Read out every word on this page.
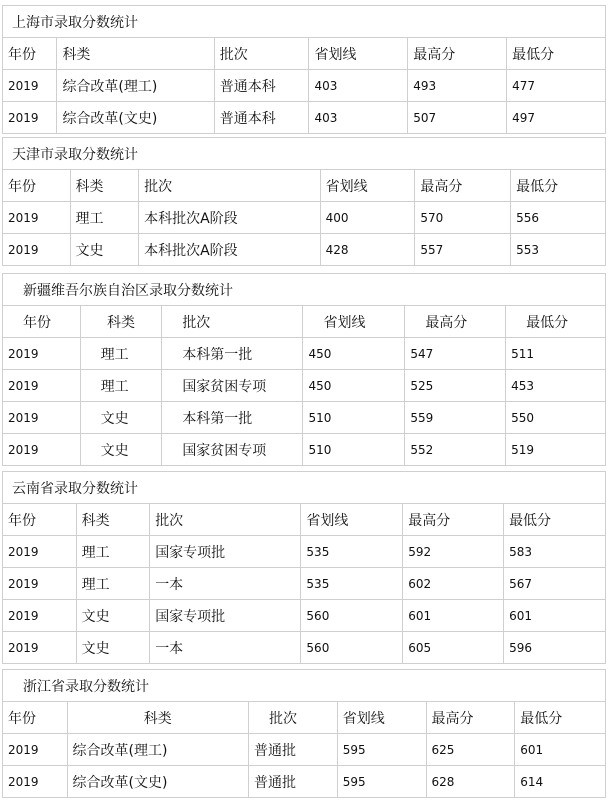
上海市录取分数统计					
年份	科类	批次	省划线	最高分	最低分
2019	综合改革(理工)	普通本科	403	493	477
2019	综合改革(文史)	普通本科	403	507	497
天津市录取分数统计					
年份	科类	批次	省划线	最高分	最低分
2019	理工	本科批次A阶段	400	570	556
2019	文史	本科批次A阶段	428	557	553
新疆维吾尔族自治区录取分数统计					
年份	科类	批次	省划线	最高分	最低分
2019	理工	本科第一批	450	547	511
2019	理工	国家贫困专项	450	525	453
2019	文史	本科第一批	510	559	550
2019	文史	国家贫困专项	510	552	519
云南省录取分数统计					
年份	科类	批次	省划线	最高分	最低分
2019	理工	国家专项批	535	592	583
2019	理工	一本	535	602	567
2019	文史	国家专项批	560	601	601
2019	文史	一本	560	605	596
浙江省录取分数统计					
年份	科类	批次	省划线	最高分	最低分
2019	综合改革(理工)	普通批	595	625	601
2019	综合改革(文史)	普通批	595	628	614
